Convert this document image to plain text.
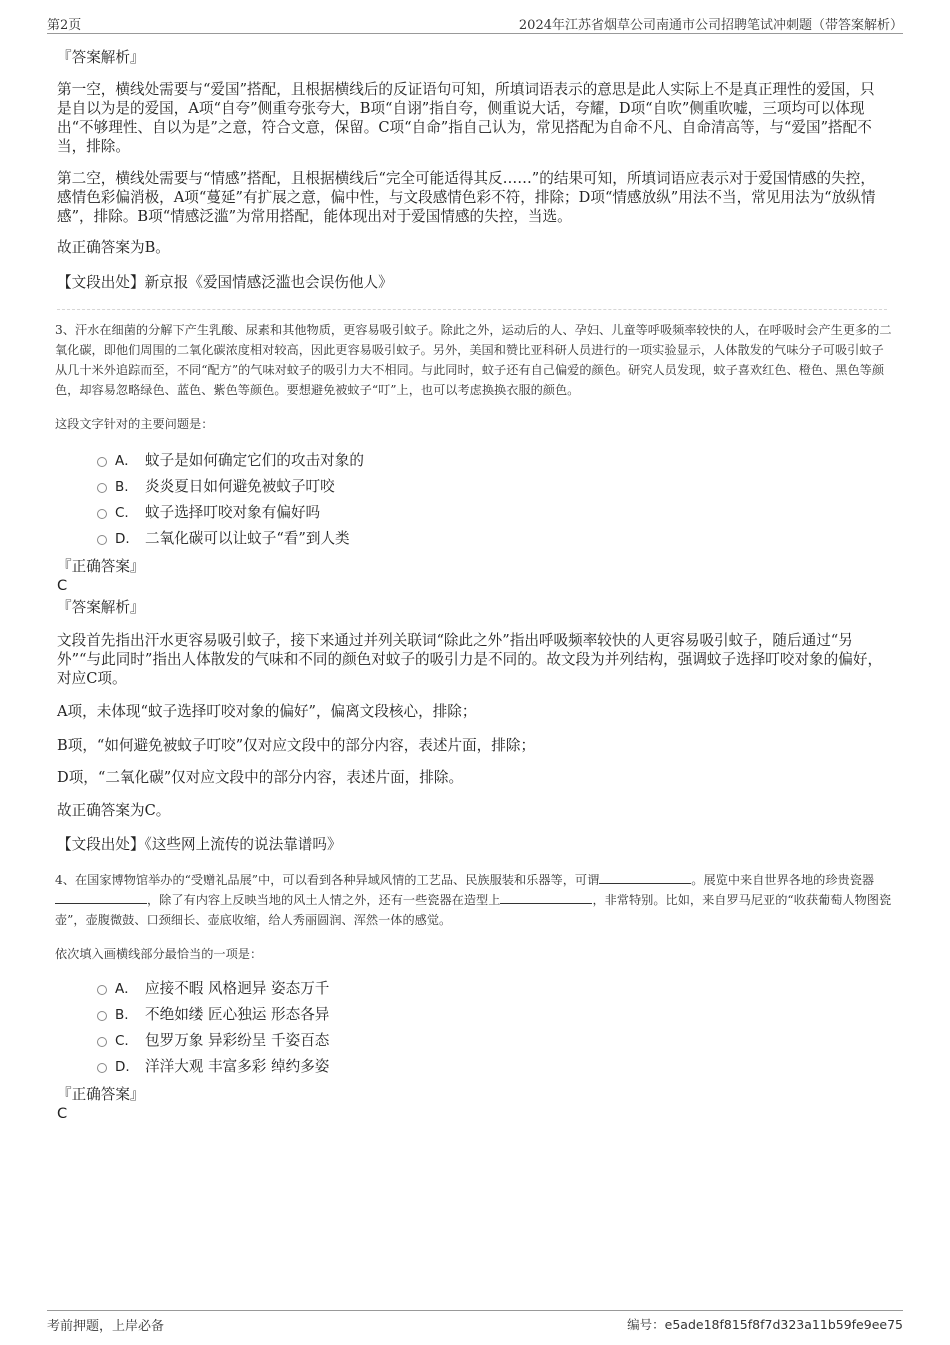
第2页	2024年江苏省烟草公司南通市公司招聘笔试冲刺题（带答案解析）

『答案解析』

第一空，横线处需要与“爱国”搭配，且根据横线后的反证语句可知，所填词语表示的意思是此人实际上不是真正理性的爱国，只是自以为是的爱国，A项“自夸”侧重夸张夸大，B项“自诩”指自夸，侧重说大话，夸耀，D项“自吹”侧重吹嘘，三项均可以体现出“不够理性、自以为是”之意，符合文意，保留。C项“自命”指自己认为，常见搭配为自命不凡、自命清高等，与“爱国”搭配不当，排除。

第二空，横线处需要与“情感”搭配，且根据横线后“完全可能适得其反……”的结果可知，所填词语应表示对于爱国情感的失控，感情色彩偏消极，A项“蔓延”有扩展之意，偏中性，与文段感情色彩不符，排除；D项“情感放纵”用法不当，常见用法为“放纵情感”，排除。B项“情感泛滥”为常用搭配，能体现出对于爱国情感的失控，当选。

故正确答案为B。

【文段出处】新京报《爱国情感泛滥也会误伤他人》

3、汗水在细菌的分解下产生乳酸、尿素和其他物质，更容易吸引蚊子。除此之外，运动后的人、孕妇、儿童等呼吸频率较快的人，在呼吸时会产生更多的二氧化碳，即他们周围的二氧化碳浓度相对较高，因此更容易吸引蚊子。另外，美国和赞比亚科研人员进行的一项实验显示，人体散发的气味分子可吸引蚊子从几十米外追踪而至，不同“配方”的气味对蚊子的吸引力大不相同。与此同时，蚊子还有自己偏爱的颜色。研究人员发现，蚊子喜欢红色、橙色、黑色等颜色，却容易忽略绿色、蓝色、紫色等颜色。要想避免被蚊子“叮”上，也可以考虑换换衣服的颜色。

这段文字针对的主要问题是：

A． 蚊子是如何确定它们的攻击对象的
B. 炎炎夏日如何避免被蚊子叮咬
C. 蚊子选择叮咬对象有偏好吗
D. 二氧化碳可以让蚊子“看”到人类

『正确答案』

C

『答案解析』

文段首先指出汗水更容易吸引蚊子，接下来通过并列关联词“除此之外”指出呼吸频率较快的人更容易吸引蚊子，随后通过“另外”“与此同时”指出人体散发的气味和不同的颜色对蚊子的吸引力是不同的。故文段为并列结构，强调蚊子选择叮咬对象的偏好，对应C项。

A项，未体现“蚊子选择叮咬对象的偏好”，偏离文段核心，排除；

B项，“如何避免被蚊子叮咬”仅对应文段中的部分内容，表述片面，排除；

D项，“二氧化碳”仅对应文段中的部分内容，表述片面，排除。

故正确答案为C。

【文段出处】《这些网上流传的说法靠谱吗》

4、在国家博物馆举办的“受赠礼品展”中，可以看到各种异域风情的工艺品、民族服装和乐器等，可谓	。展览中来自世界各地的珍贵瓷器，除了有内容上反映当地的风土人情之外，还有一些瓷器在造型上	，非常特别。比如，来自罗马尼亚的“收获葡萄人物图瓷壶”，壶腹微鼓、口颈细长、壶底收缩，给人秀丽圆润、浑然一体的感觉。

依次填入画横线部分最恰当的一项是：

A． 应接不暇 风格迥异 姿态万千
B. 不绝如缕 匠心独运 形态各异
C. 包罗万象 异彩纷呈 千姿百态
D. 洋洋大观 丰富多彩 绰约多姿

『正确答案』

C
考前押题，上岸必备	编号：e5ade18f815f8f7d323a11b59fe9ee75
